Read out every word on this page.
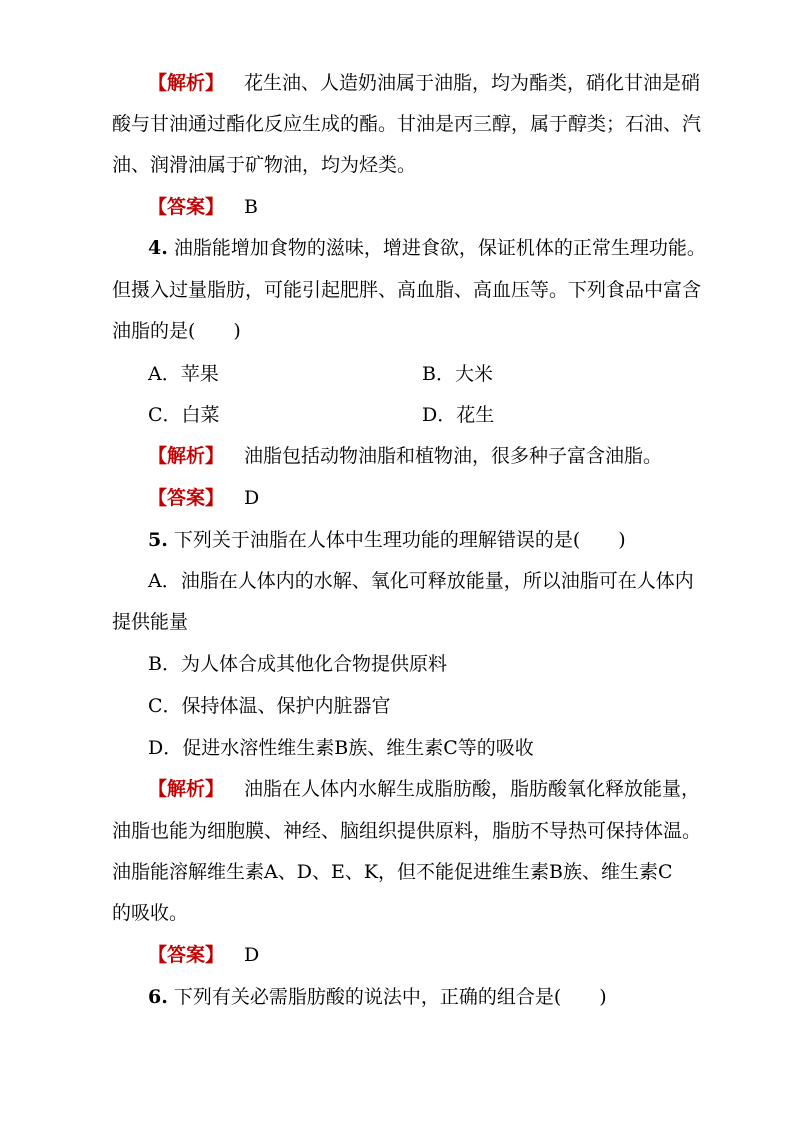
【解析】 花生油、人造奶油属于油脂，均为酯类，硝化甘油是硝
酸与甘油通过酯化反应生成的酯。甘油是丙三醇，属于醇类；石油、汽
油、润滑油属于矿物油，均为烃类。
【答案】 B
4. 油脂能增加食物的滋味，增进食欲，保证机体的正常生理功能。
但摄入过量脂肪，可能引起肥胖、高血脂、高血压等。下列食品中富含
油脂的是(　　)
A．苹果	B．大米
C．白菜	D．花生
【解析】 油脂包括动物油脂和植物油，很多种子富含油脂。
【答案】 D
5. 下列关于油脂在人体中生理功能的理解错误的是(　　)
A．油脂在人体内的水解、氧化可释放能量，所以油脂可在人体内
提供能量
B．为人体合成其他化合物提供原料
C．保持体温、保护内脏器官
D．促进水溶性维生素B族、维生素C等的吸收
【解析】 油脂在人体内水解生成脂肪酸，脂肪酸氧化释放能量，
油脂也能为细胞膜、神经、脑组织提供原料，脂肪不导热可保持体温。
油脂能溶解维生素A、D、E、K，但不能促进维生素B族、维生素C
的吸收。
【答案】 D
6. 下列有关必需脂肪酸的说法中，正确的组合是(　　)
